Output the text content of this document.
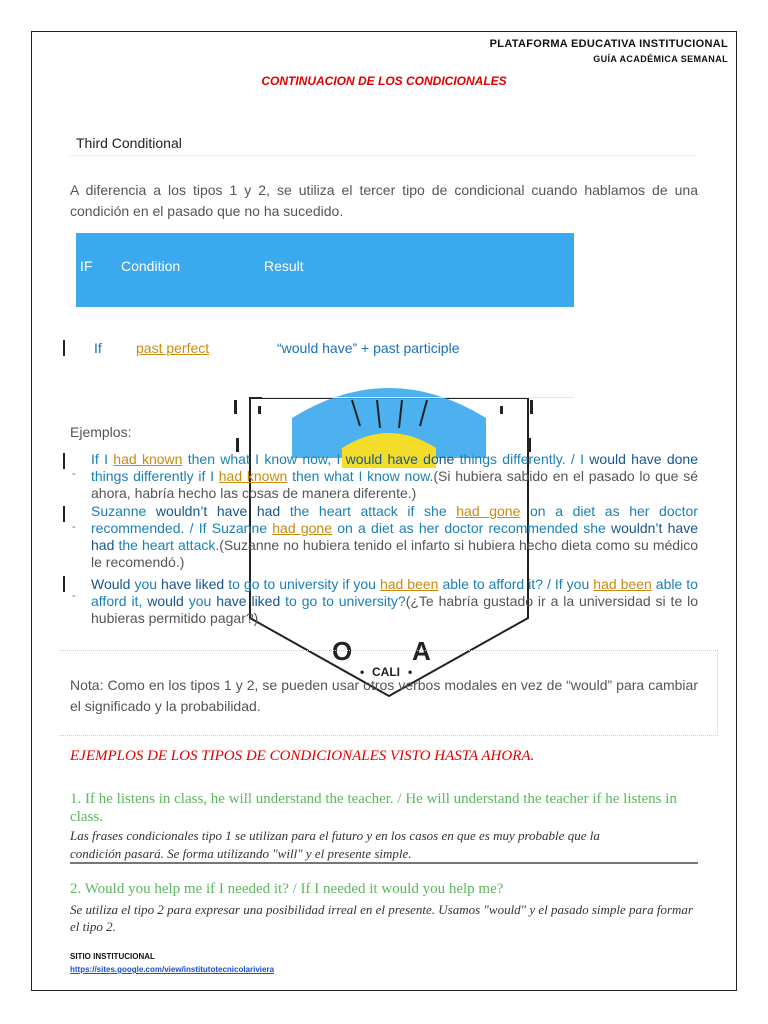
PLATAFORMA EDUCATIVA INSTITUCIONAL
GUÍA ACADÉMICA SEMANAL
CONTINUACION DE LOS CONDICIONALES
Third Conditional
A diferencia a los tipos 1 y 2, se utiliza el tercer tipo de condicional cuando hablamos de una condición en el pasado que no ha sucedido.
O A
• CALI •
IF Condition	Result
If past perfect	“would have” + past participle
Ejemplos:
-
If I had known then what I know now, I would have done things differently. / I would have done things differently if I had known then what I know now.(Si hubiera sabido en el pasado lo que sé ahora, habría hecho las cosas de manera diferente.)
-
Suzanne wouldn’t have had the heart attack if she had gone on a diet as her doctor recommended. / If Suzanne had gone on a diet as her doctor recommended she wouldn’t have had the heart attack.(Suzanne no hubiera tenido el infarto si hubiera hecho dieta como su médico le recomendó.)
-
Would you have liked to go to university if you had been able to afford it? / If you had been able to afford it, would you have liked to go to university?(¿Te habría gustado ir a la universidad si te lo hubieras permitido pagar?)
Nota: Como en los tipos 1 y 2, se pueden usar otros verbos modales en vez de “would” para cambiar el significado y la probabilidad.
EJEMPLOS DE LOS TIPOS DE CONDICIONALES VISTO HASTA AHORA.
1. If he listens in class, he will understand the teacher. / He will understand the teacher if he listens in class.
Las frases condicionales tipo 1 se utilizan para el futuro y en los casos en que es muy probable que la
condición pasará. Se forma utilizando "will" y el presente simple.
2. Would you help me if I needed it? / If I needed it would you help me?
Se utiliza el tipo 2 para expresar una posibilidad irreal en el presente. Usamos "would" y el pasado simple para formar el tipo 2.
SITIO INSTITUCIONAL
https://sites.google.com/view/institutotecnicolariviera
